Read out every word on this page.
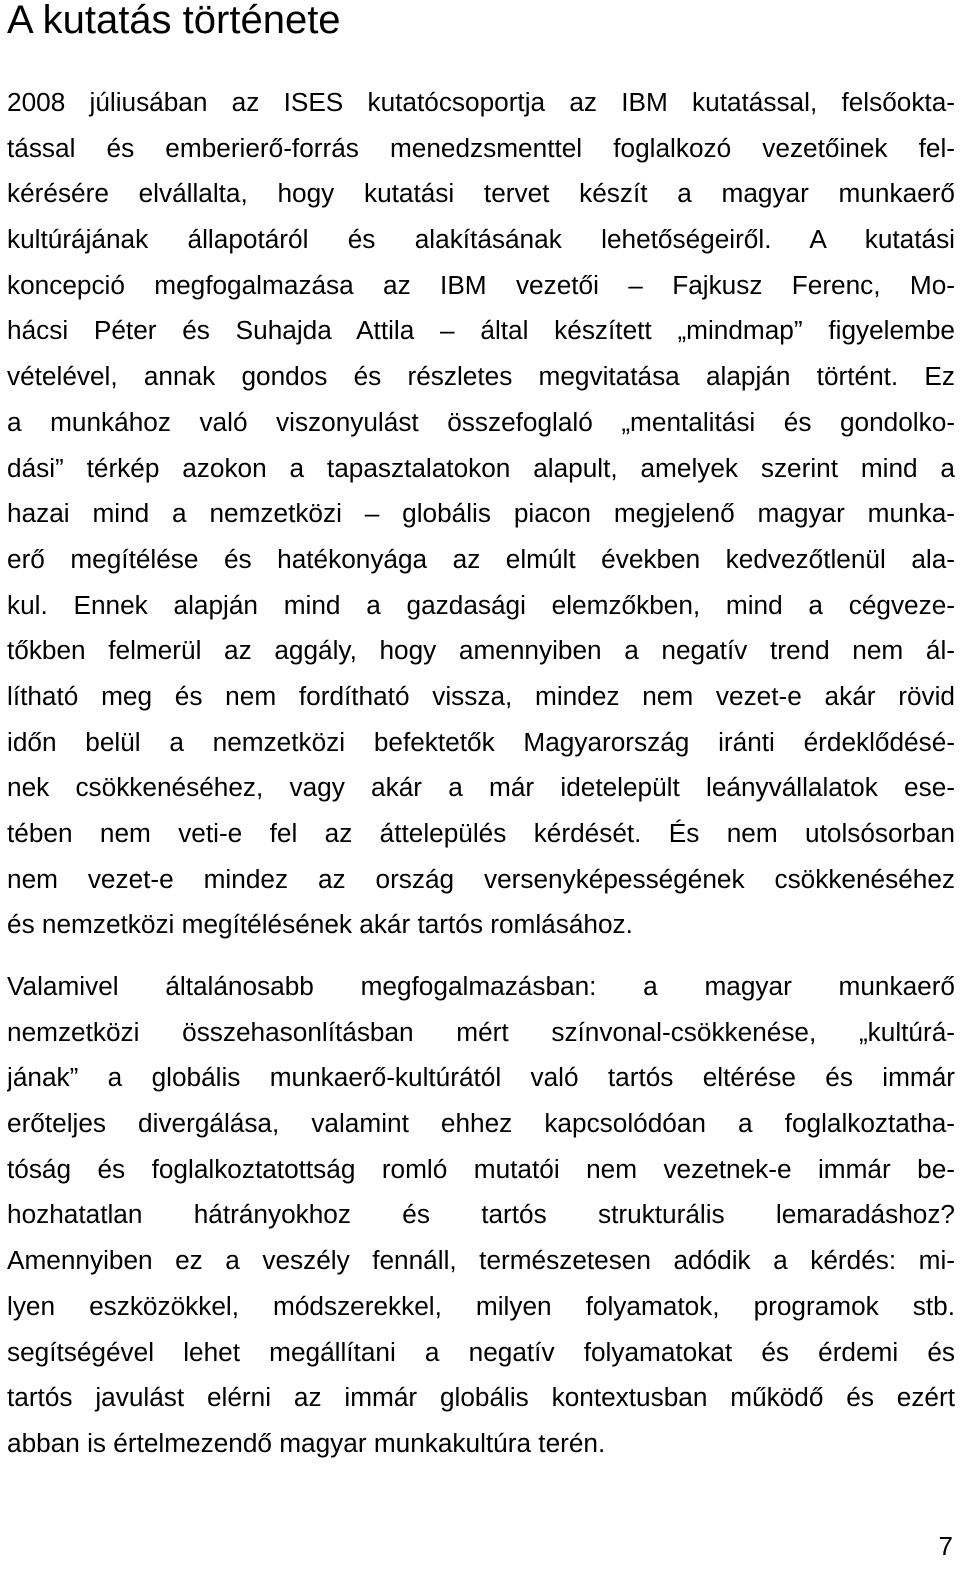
A kutatás története
2008 júliusában az ISES kutatócsoportja az IBM kutatással, felsőokta-
tással és emberierő-forrás menedzsmenttel foglalkozó vezetőinek fel-
kérésére elvállalta, hogy kutatási tervet készít a magyar munkaerő
kultúrájának állapotáról és alakításának lehetőségeiről. A kutatási
koncepció megfogalmazása az IBM vezetői – Fajkusz Ferenc, Mo-
hácsi Péter és Suhajda Attila – által készített „mindmap” figyelembe
vételével, annak gondos és részletes megvitatása alapján történt. Ez
a munkához való viszonyulást összefoglaló „mentalitási és gondolko-
dási” térkép azokon a tapasztalatokon alapult, amelyek szerint mind a
hazai mind a nemzetközi – globális piacon megjelenő magyar munka-
erő megítélése és hatékonyága az elmúlt években kedvezőtlenül ala-
kul. Ennek alapján mind a gazdasági elemzőkben, mind a cégveze-
tőkben felmerül az aggály, hogy amennyiben a negatív trend nem ál-
lítható meg és nem fordítható vissza, mindez nem vezet-e akár rövid
időn belül a nemzetközi befektetők Magyarország iránti érdeklődésé-
nek csökkenéséhez, vagy akár a már idetelepült leányvállalatok ese-
tében nem veti-e fel az áttelepülés kérdését. És nem utolsósorban
nem vezet-e mindez az ország versenyképességének csökkenéséhez
és nemzetközi megítélésének akár tartós romlásához.
Valamivel általánosabb megfogalmazásban: a magyar munkaerő
nemzetközi összehasonlításban mért színvonal-csökkenése, „kultúrá-
jának” a globális munkaerő-kultúrától való tartós eltérése és immár
erőteljes divergálása, valamint ehhez kapcsolódóan a foglalkoztatha-
tóság és foglalkoztatottság romló mutatói nem vezetnek-e immár be-
hozhatatlan hátrányokhoz és tartós strukturális lemaradáshoz?
Amennyiben ez a veszély fennáll, természetesen adódik a kérdés: mi-
lyen eszközökkel, módszerekkel, milyen folyamatok, programok stb.
segítségével lehet megállítani a negatív folyamatokat és érdemi és
tartós javulást elérni az immár globális kontextusban működő és ezért
abban is értelmezendő magyar munkakultúra terén.
7
